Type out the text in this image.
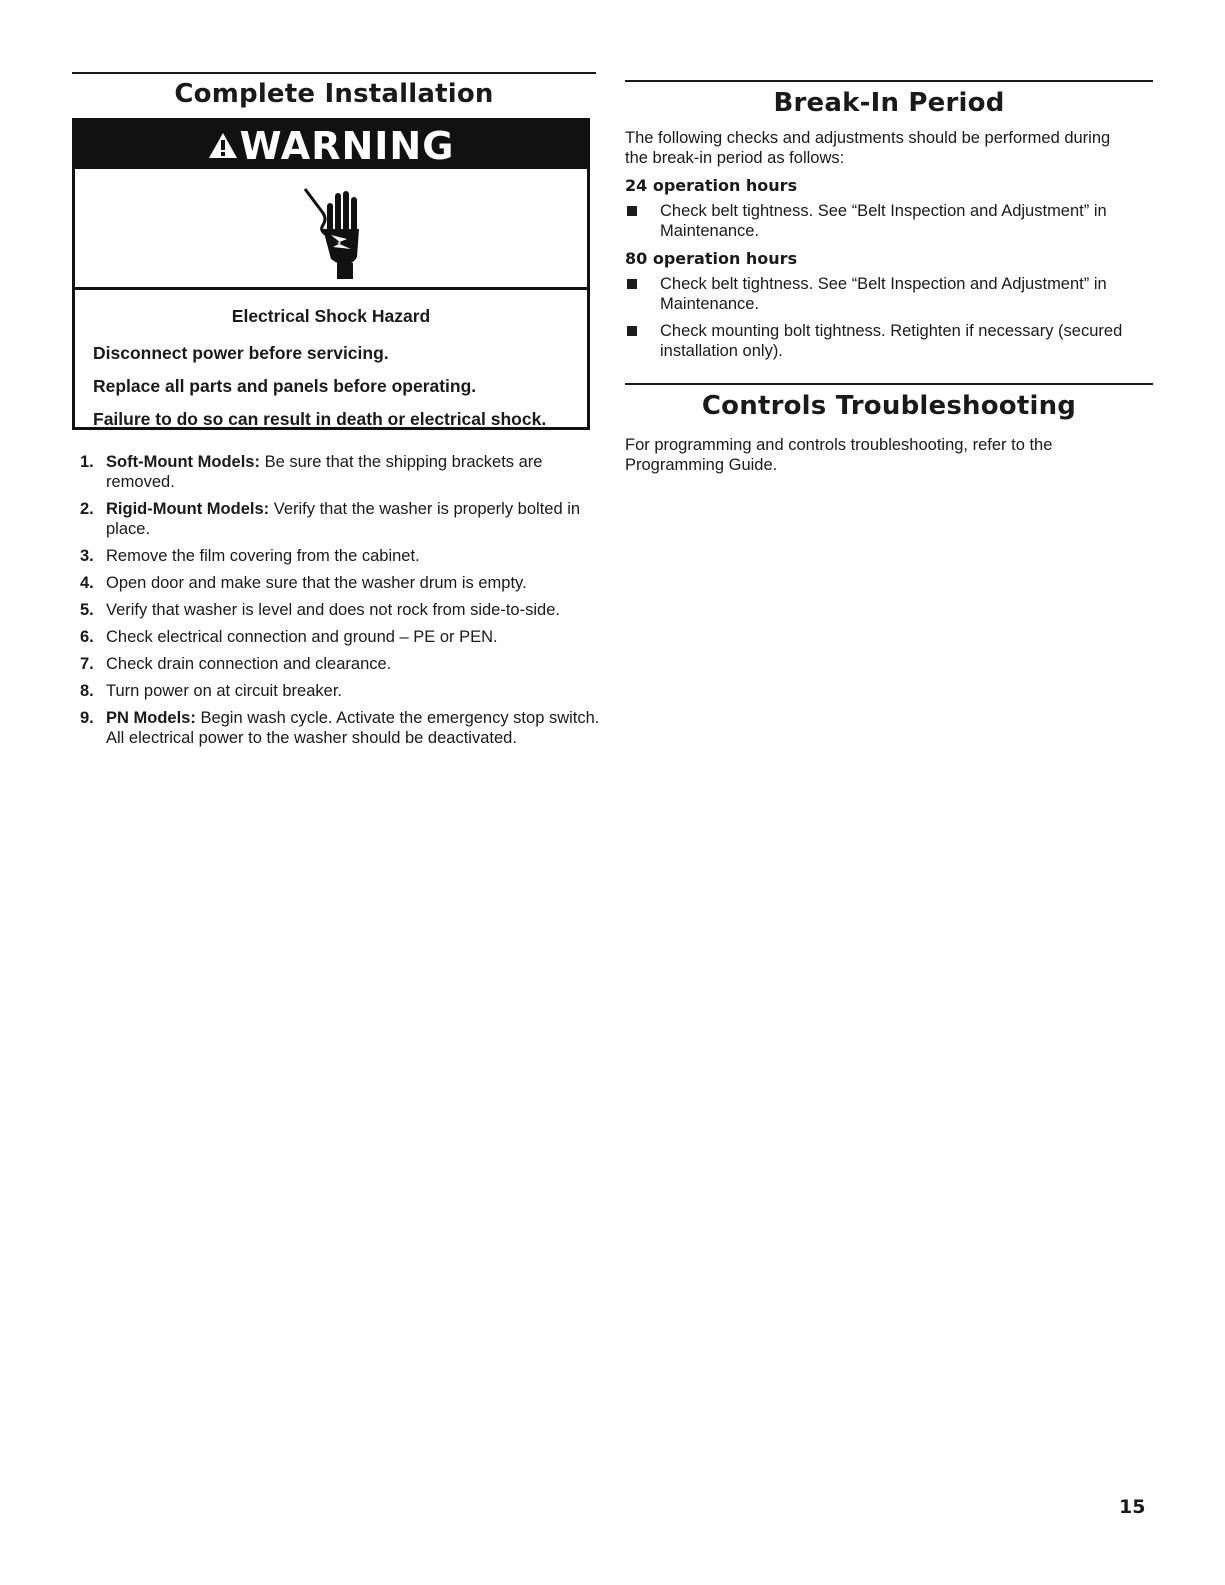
Complete Installation
WARNING
Electrical Shock Hazard

Disconnect power before servicing.

Replace all parts and panels before operating.

Failure to do so can result in death or electrical shock.

1. Soft-Mount Models: Be sure that the shipping brackets are removed.
2. Rigid-Mount Models: Verify that the washer is properly bolted in place.
3. Remove the film covering from the cabinet.
4. Open door and make sure that the washer drum is empty.
5. Verify that washer is level and does not rock from side-to-side.
6. Check electrical connection and ground – PE or PEN.
7. Check drain connection and clearance.
8. Turn power on at circuit breaker.
9. PN Models: Begin wash cycle. Activate the emergency stop switch. All electrical power to the washer should be deactivated.
Break-In Period

The following checks and adjustments should be performed during the break-in period as follows:

24 operation hours
Check belt tightness. See “Belt Inspection and Adjustment” in Maintenance.
80 operation hours
Check belt tightness. See “Belt Inspection and Adjustment” in Maintenance.
Check mounting bolt tightness. Retighten if necessary (secured installation only).
Controls Troubleshooting

For programming and controls troubleshooting, refer to the Programming Guide.

15
